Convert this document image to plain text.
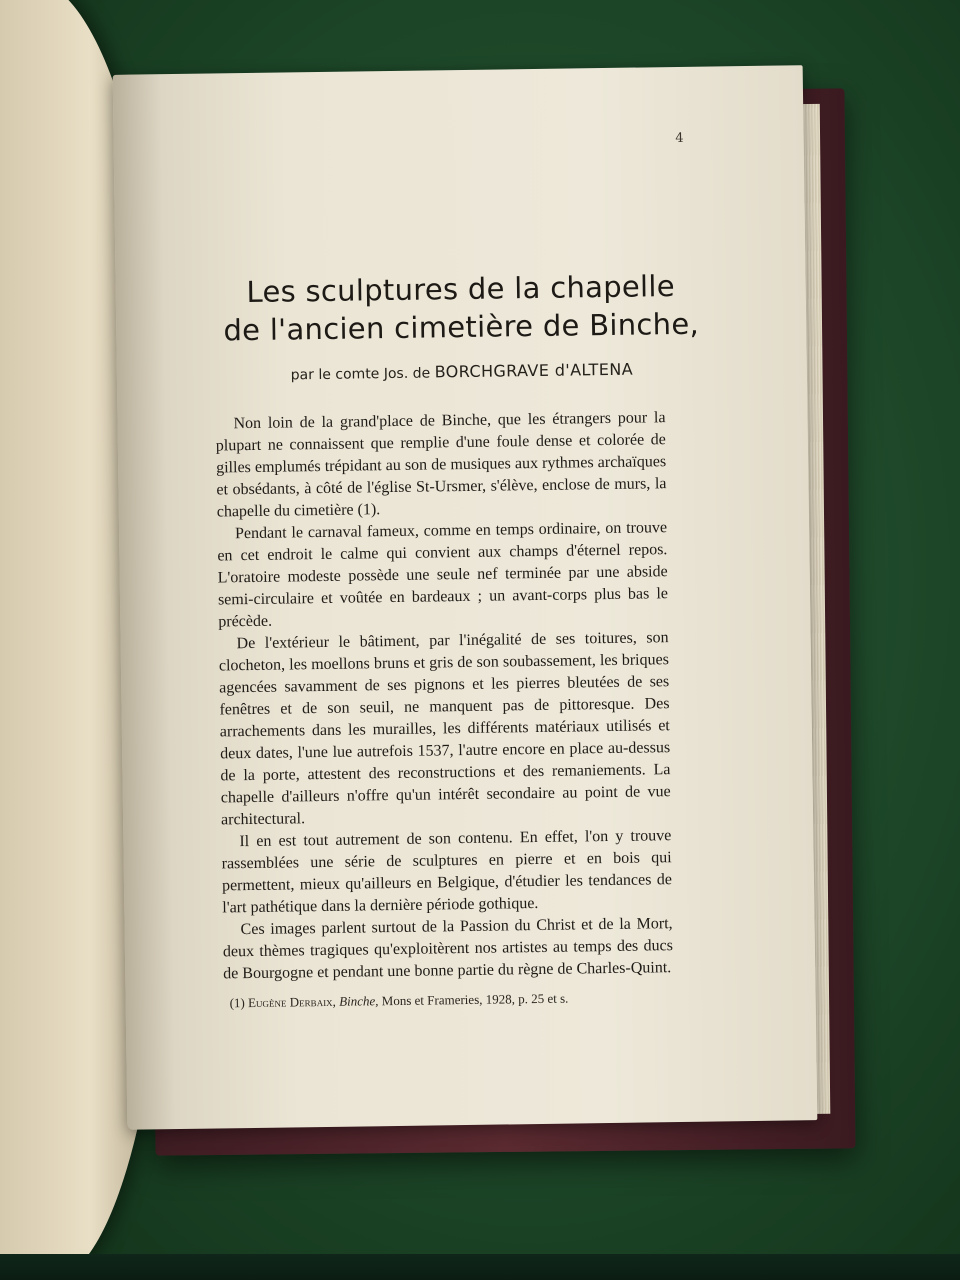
4
Les sculptures de la chapelle
de l'ancien cimetière de Binche,
par le comte Jos. de BORCHGRAVE d'ALTENA

Non loin de la grand'place de Binche, que les étrangers pour la plupart ne connaissent que remplie d'une foule dense et colorée de gilles emplumés trépidant au son de musiques aux rythmes archaïques et obsédants, à côté de l'église St-Ursmer, s'élève, enclose de murs, la chapelle du cimetière (1).

Pendant le carnaval fameux, comme en temps ordinaire, on trouve en cet endroit le calme qui convient aux champs d'éternel repos. L'oratoire modeste possède une seule nef terminée par une abside semi-circulaire et voûtée en bardeaux ; un avant-corps plus bas le précède.

De l'extérieur le bâtiment, par l'inégalité de ses toitures, son clocheton, les moellons bruns et gris de son soubassement, les briques agencées savamment de ses pignons et les pierres bleutées de ses fenêtres et de son seuil, ne manquent pas de pittoresque. Des arrachements dans les murailles, les différents matériaux utilisés et deux dates, l'une lue autrefois 1537, l'autre encore en place au-dessus de la porte, attestent des reconstructions et des remaniements. La chapelle d'ailleurs n'offre qu'un intérêt secondaire au point de vue architectural.

Il en est tout autrement de son contenu. En effet, l'on y trouve rassemblées une série de sculptures en pierre et en bois qui permettent, mieux qu'ailleurs en Belgique, d'étudier les tendances de l'art pathétique dans la dernière période gothique.

Ces images parlent surtout de la Passion du Christ et de la Mort, deux thèmes tragiques qu'exploitèrent nos artistes au temps des ducs de Bourgogne et pendant une bonne partie du règne de Charles-Quint.

(1) Eugène Derbaix, Binche, Mons et Frameries, 1928, p. 25 et s.
